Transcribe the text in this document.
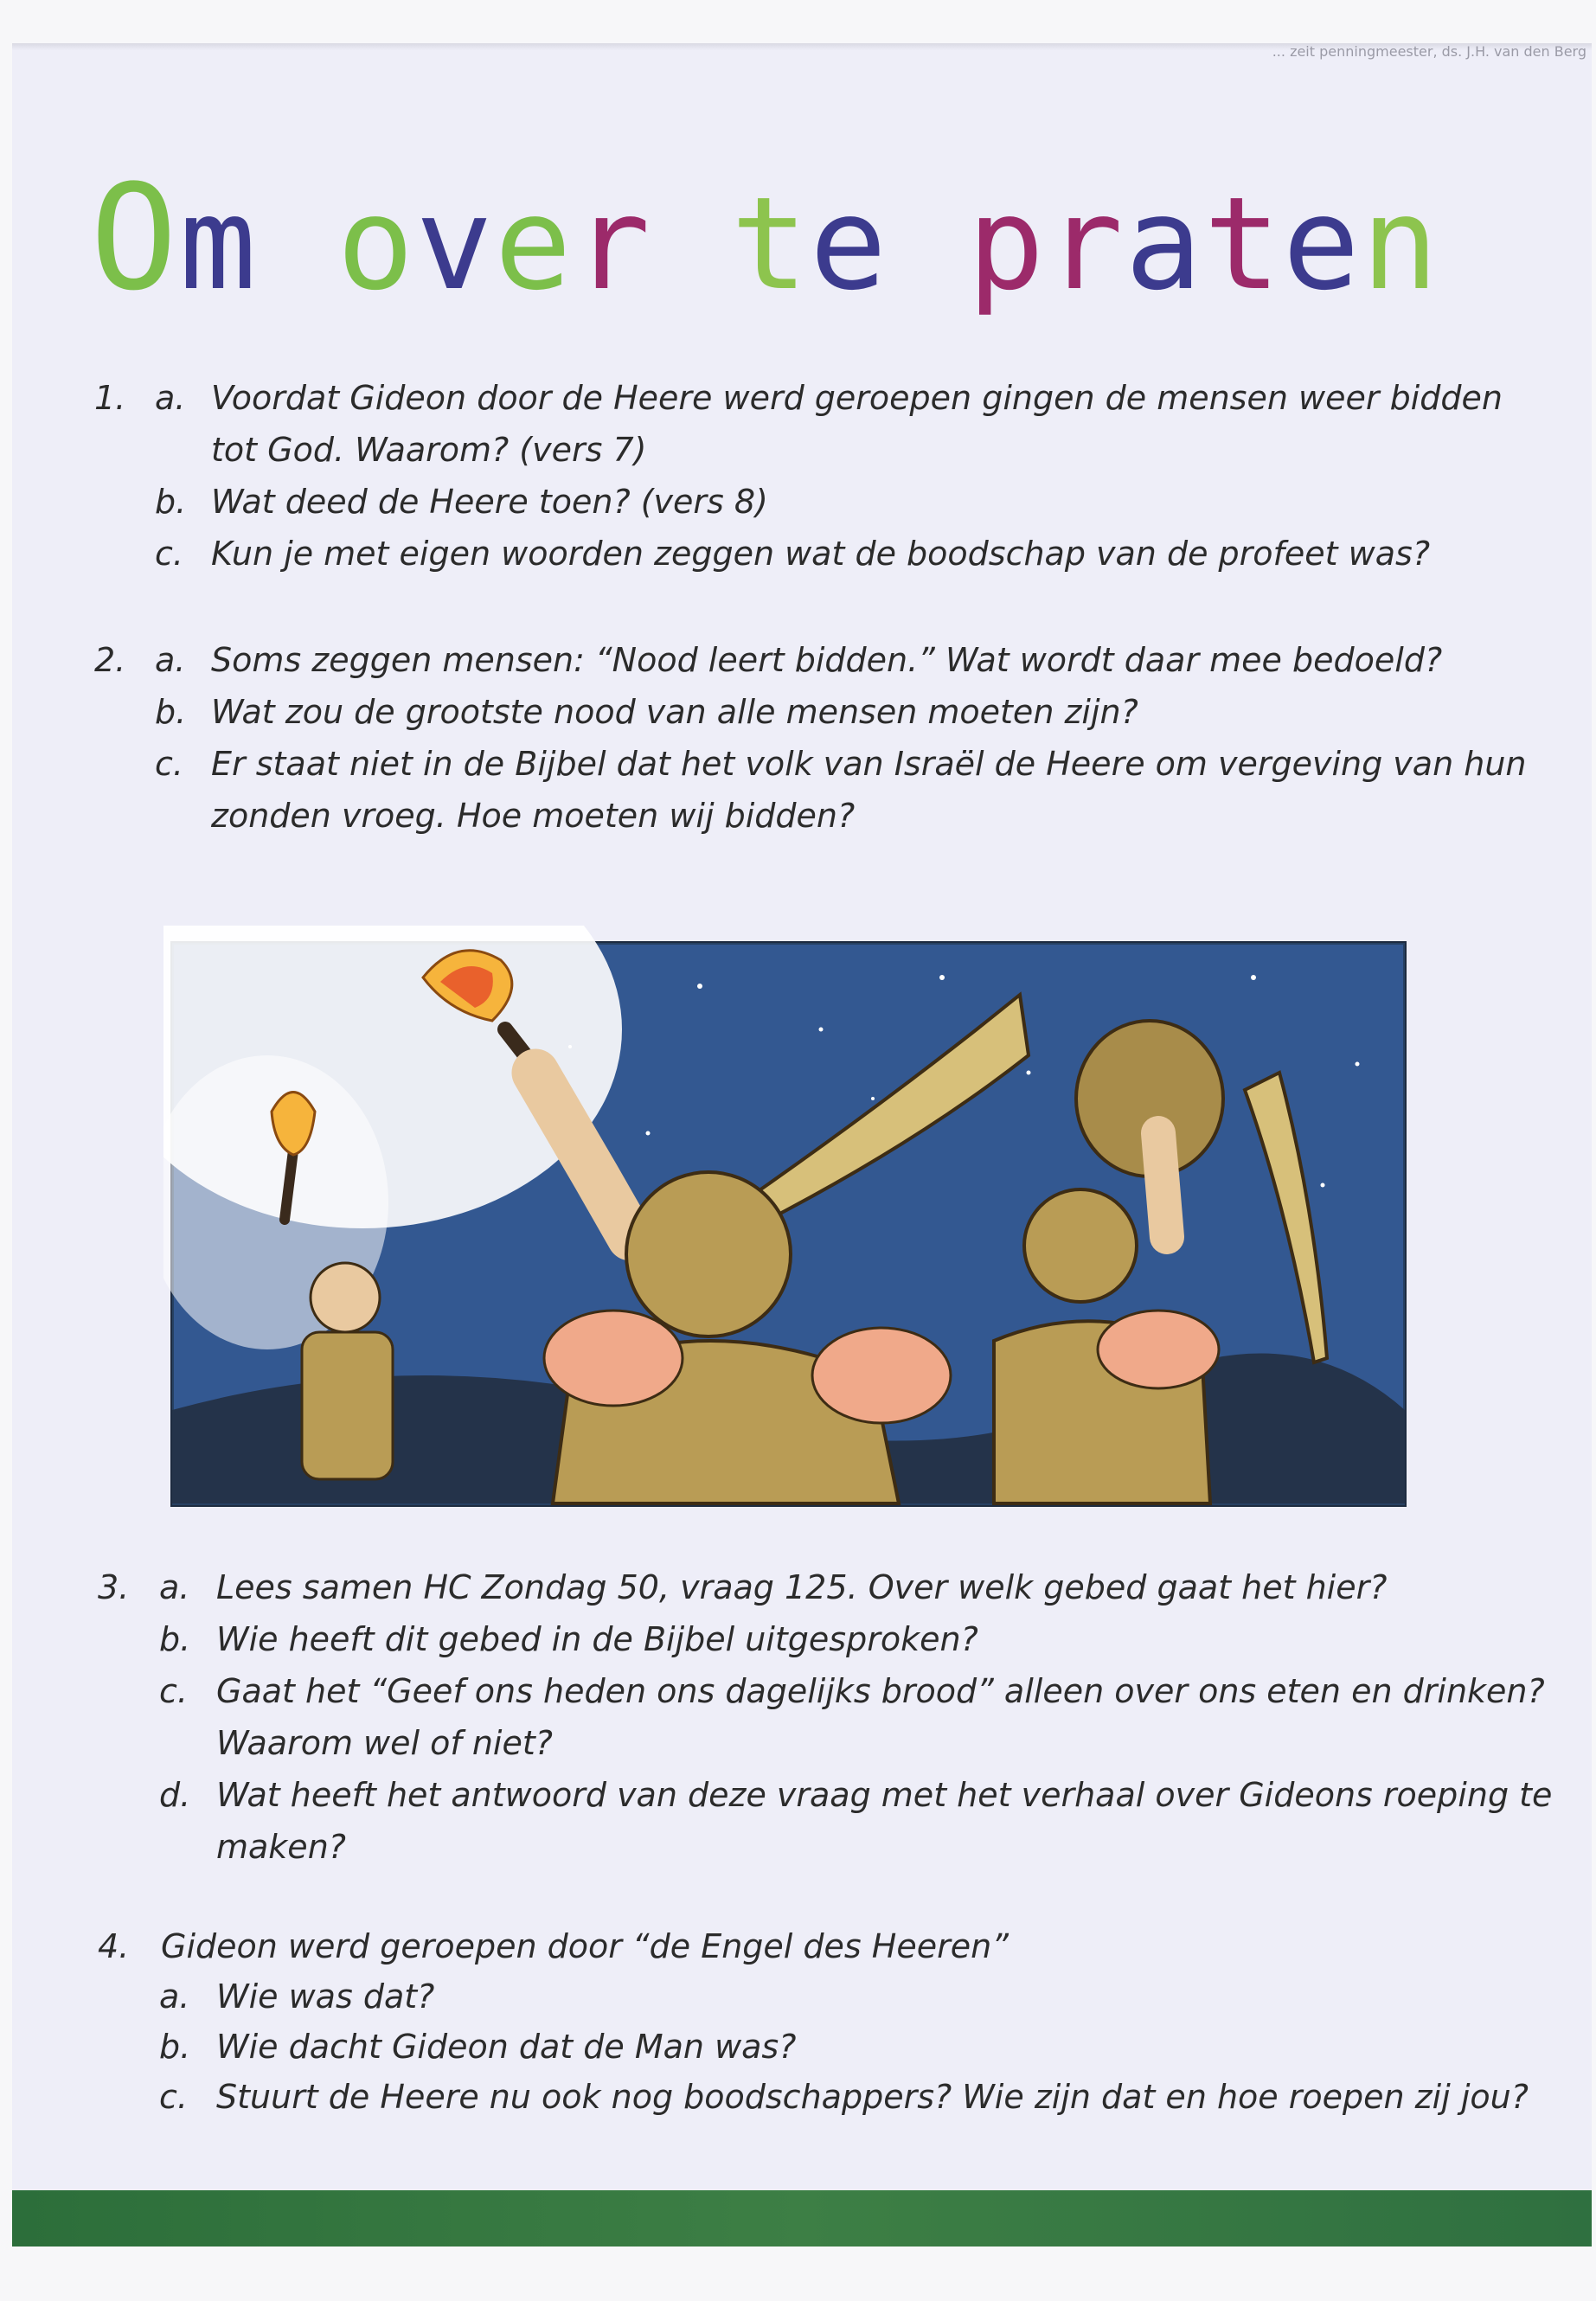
... zeit penningmeester, ds. J.H. van den Berg
Om over te praten
1. a. Voordat Gideon door de Heere werd geroepen gingen de mensen weer bidden
tot God. Waarom? (vers 7)
b. Wat deed de Heere toen? (vers 8)
c. Kun je met eigen woorden zeggen wat de boodschap van de profeet was?
2. a. Soms zeggen mensen: “Nood leert bidden.” Wat wordt daar mee bedoeld?
b. Wat zou de grootste nood van alle mensen moeten zijn?
c. Er staat niet in de Bijbel dat het volk van Israël de Heere om vergeving van hun
zonden vroeg. Hoe moeten wij bidden?
3. a. Lees samen HC Zondag 50, vraag 125. Over welk gebed gaat het hier?
b. Wie heeft dit gebed in de Bijbel uitgesproken?
c. Gaat het “Geef ons heden ons dagelijks brood” alleen over ons eten en drinken?
Waarom wel of niet?
d. Wat heeft het antwoord van deze vraag met het verhaal over Gideons roeping te
maken?
4. Gideon werd geroepen door “de Engel des Heeren”
a. Wie was dat?
b. Wie dacht Gideon dat de Man was?
c. Stuurt de Heere nu ook nog boodschappers? Wie zijn dat en hoe roepen zij jou?
